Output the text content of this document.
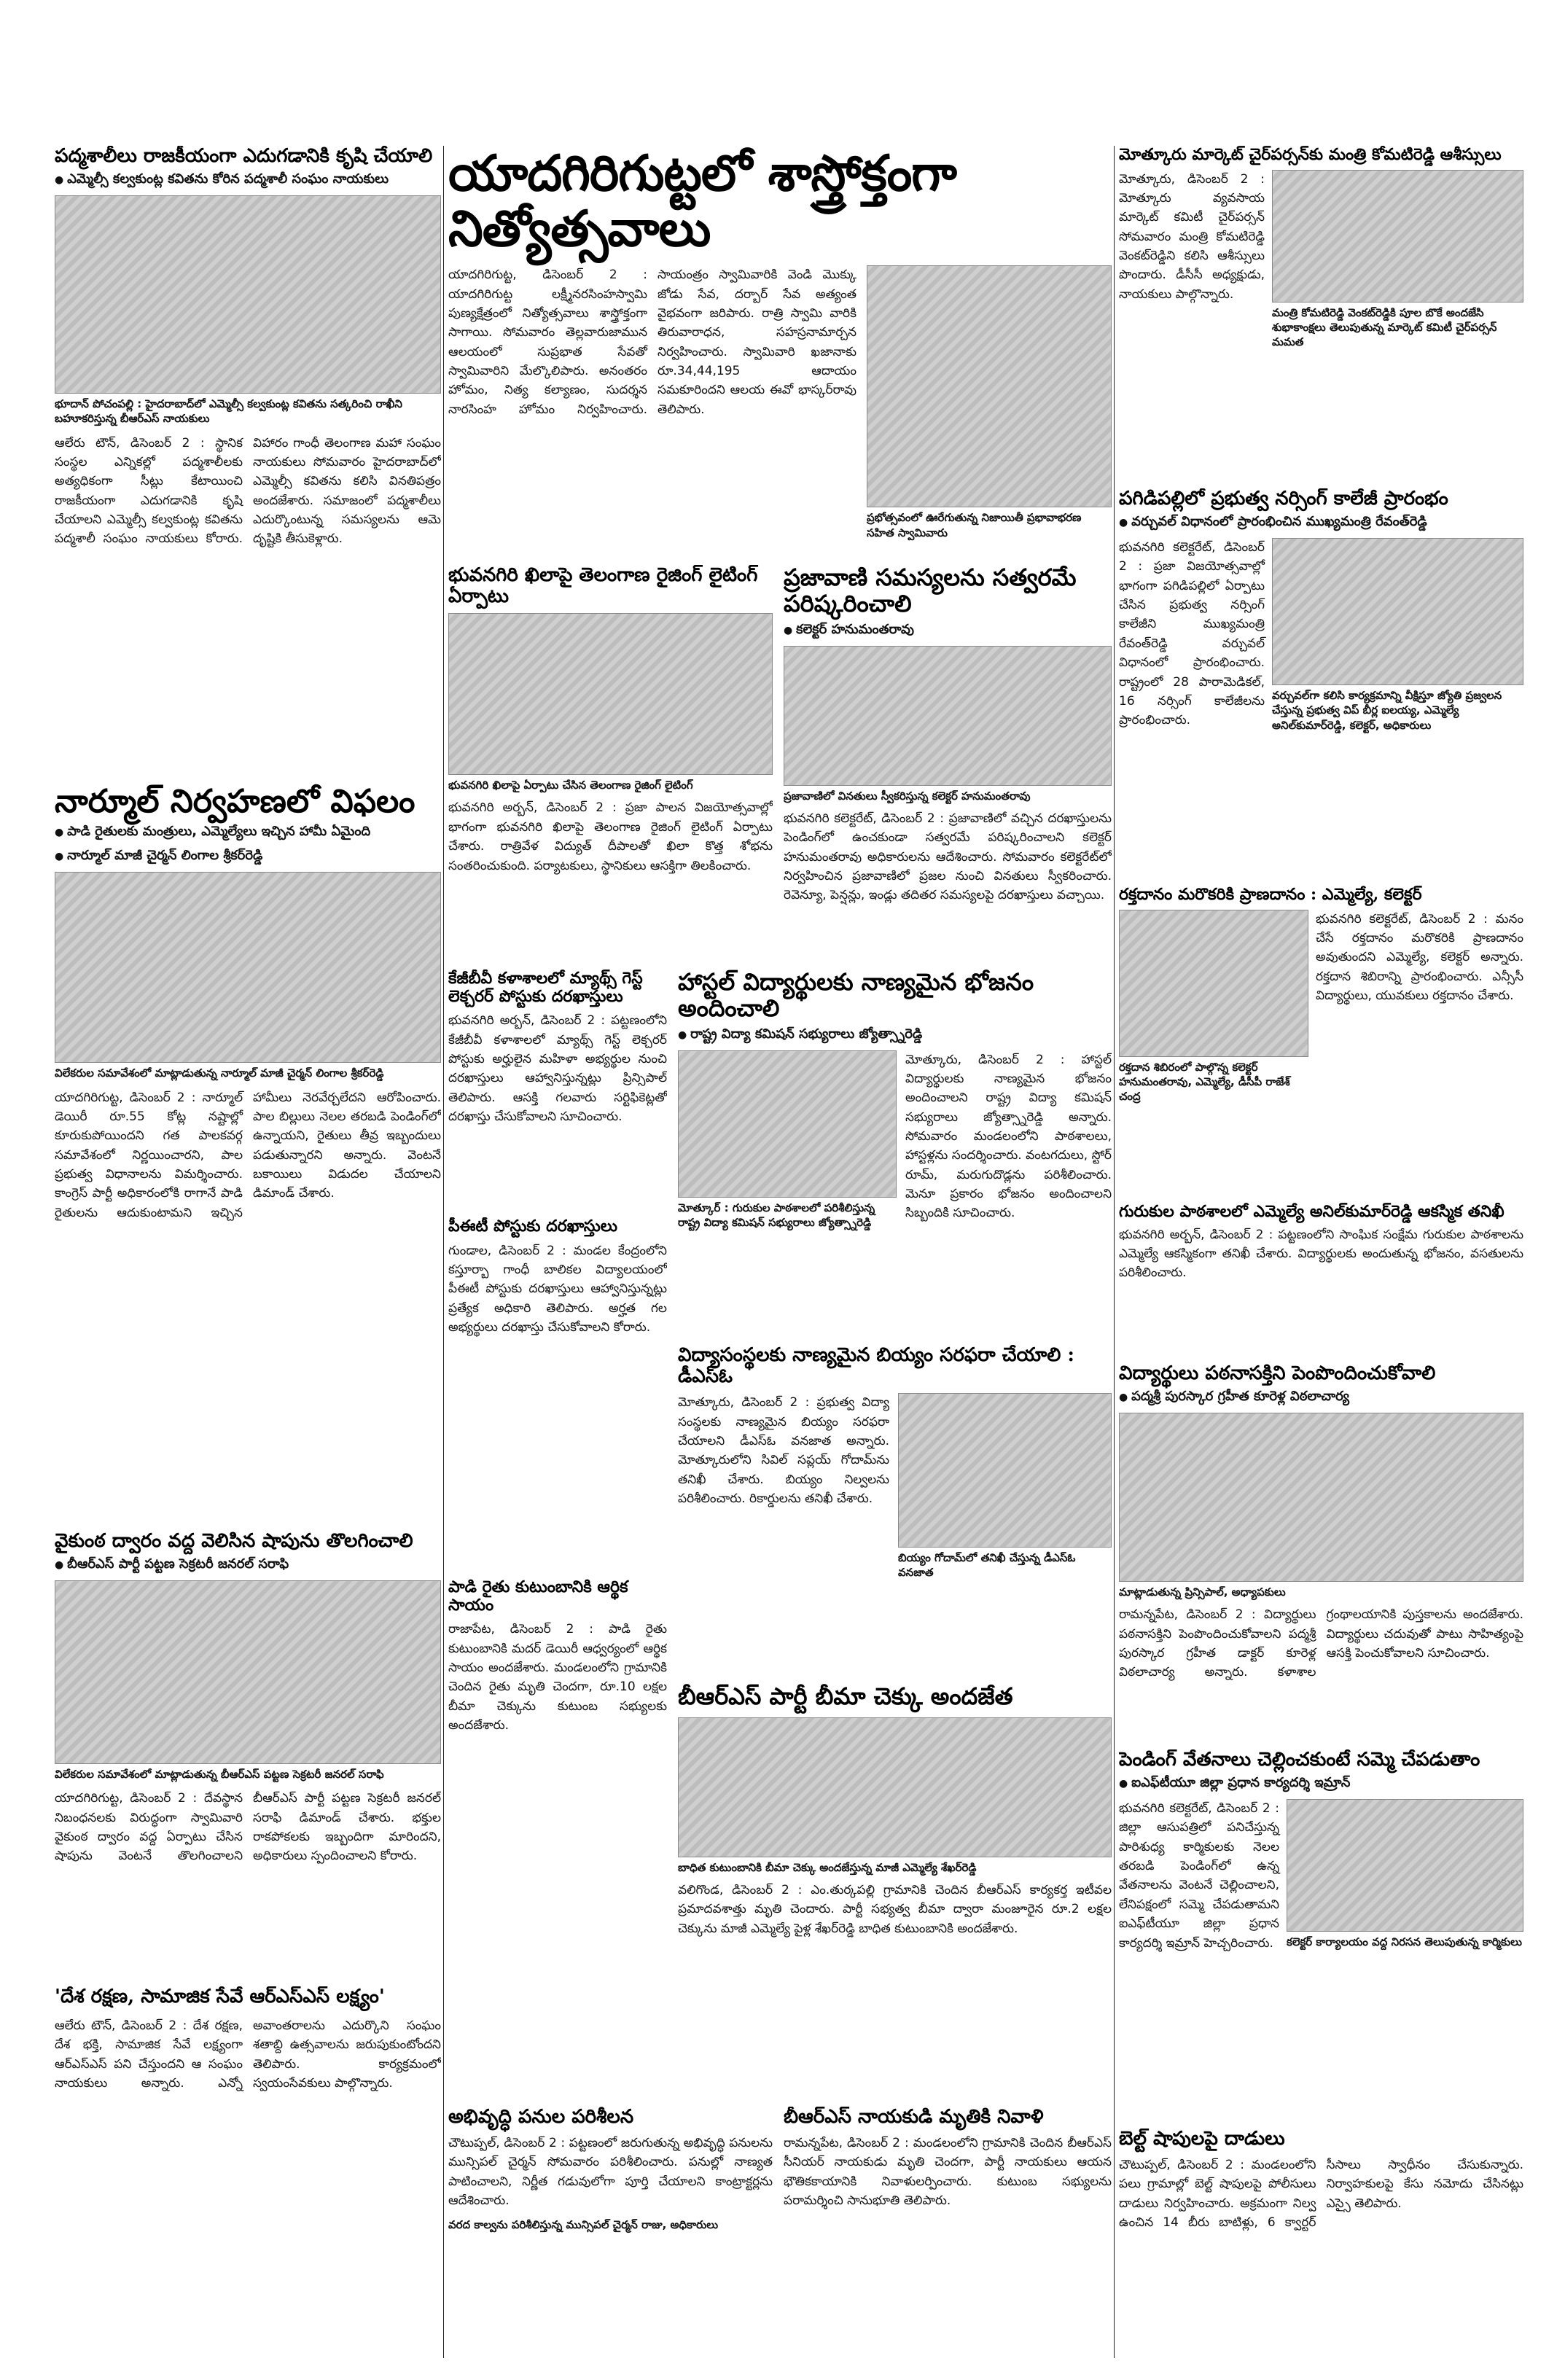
పద్మశాలీలు రాజకీయంగా ఎదుగడానికి కృషి చేయాలి
● ఎమ్మెల్సీ కల్వకుంట్ల కవితను కోరిన పద్మశాలీ సంఘం నాయకులు
భూదాన్ పోచంపల్లి : హైదరాబాద్‌లో ఎమ్మెల్సీ కల్వకుంట్ల కవితను సత్కరించి రాఖీని బహూకరిస్తున్న బీఆర్ఎస్ నాయకులు

ఆలేరు టౌన్, డిసెంబర్ 2 : స్థానిక సంస్థల ఎన్నికల్లో పద్మశాలీలకు అత్యధికంగా సీట్లు కేటాయించి రాజకీయంగా ఎదుగడానికి కృషి చేయాలని ఎమ్మెల్సీ కల్వకుంట్ల కవితను పద్మశాలీ సంఘం నాయకులు కోరారు. విహారం గాంధీ తెలంగాణ మహా సంఘం నాయకులు సోమవారం హైదరాబాద్‌లో ఎమ్మెల్సీ కవితను కలిసి వినతిపత్రం అందజేశారు. సమాజంలో పద్మశాలీలు ఎదుర్కొంటున్న సమస్యలను ఆమె దృష్టికి తీసుకెళ్లారు.

నార్మూల్ నిర్వహణలో విఫలం
● పాడి రైతులకు మంత్రులు, ఎమ్మెల్యేలు ఇచ్చిన హామీ ఏమైంది
● నార్మూల్ మాజీ చైర్మన్ లింగాల శ్రీకర్‌రెడ్డి
విలేకరుల సమావేశంలో మాట్లాడుతున్న నార్మూల్ మాజీ చైర్మన్ లింగాల శ్రీకర్‌రెడ్డి

యాదగిరిగుట్ట, డిసెంబర్ 2 : నార్మూల్ డెయిరీ రూ.55 కోట్ల నష్టాల్లో కూరుకుపోయిందని గత పాలకవర్గ సమావేశంలో నిర్ణయించారని, పాల ప్రభుత్వ విధానాలను విమర్శించారు. కాంగ్రెస్ పార్టీ అధికారంలోకి రాగానే పాడి రైతులను ఆదుకుంటామని ఇచ్చిన హామీలు నెరవేర్చలేదని ఆరోపించారు. పాల బిల్లులు నెలల తరబడి పెండింగ్‌లో ఉన్నాయని, రైతులు తీవ్ర ఇబ్బందులు పడుతున్నారని అన్నారు. వెంటనే బకాయిలు విడుదల చేయాలని డిమాండ్ చేశారు.

వైకుంఠ ద్వారం వద్ద వెలిసిన షాపును తొలగించాలి
● బీఆర్ఎస్ పార్టీ పట్టణ సెక్రటరీ జనరల్ సరాఫి
విలేకరుల సమావేశంలో మాట్లాడుతున్న బీఆర్ఎస్ పట్టణ సెక్రటరీ జనరల్ సరాఫి

యాదగిరిగుట్ట, డిసెంబర్ 2 : దేవస్థాన నిబంధనలకు విరుద్ధంగా స్వామివారి వైకుంఠ ద్వారం వద్ద ఏర్పాటు చేసిన షాపును వెంటనే తొలగించాలని బీఆర్ఎస్ పార్టీ పట్టణ సెక్రటరీ జనరల్ సరాఫి డిమాండ్ చేశారు. భక్తుల రాకపోకలకు ఇబ్బందిగా మారిందని, అధికారులు స్పందించాలని కోరారు.

'దేశ రక్షణ, సామాజిక సేవే ఆర్ఎస్ఎస్ లక్ష్యం'

ఆలేరు టౌన్, డిసెంబర్ 2 : దేశ రక్షణ, దేశ భక్తి, సామాజిక సేవే లక్ష్యంగా ఆర్ఎస్ఎస్ పని చేస్తుందని ఆ సంఘం నాయకులు అన్నారు. ఎన్నో అవాంతరాలను ఎదుర్కొని సంఘం శతాబ్ది ఉత్సవాలను జరుపుకుంటోందని తెలిపారు. కార్యక్రమంలో స్వయంసేవకులు పాల్గొన్నారు.

యాదగిరిగుట్టలో శాస్త్రోక్తంగా నిత్యోత్సవాలు

యాదగిరిగుట్ట, డిసెంబర్ 2 : యాదగిరిగుట్ట లక్ష్మీనరసింహస్వామి పుణ్యక్షేత్రంలో నిత్యోత్సవాలు శాస్త్రోక్తంగా సాగాయి. సోమవారం తెల్లవారుజామున ఆలయంలో సుప్రభాత సేవతో స్వామివారిని మేల్కొలిపారు. అనంతరం హోమం, నిత్య కల్యాణం, సుదర్శన నారసింహ హోమం నిర్వహించారు. సాయంత్రం స్వామివారికి వెండి మొక్కు జోడు సేవ, దర్బార్ సేవ అత్యంత వైభవంగా జరిపారు. రాత్రి స్వామి వారికి తిరువారాధన, సహస్రనామార్చన నిర్వహించారు. స్వామివారి ఖజానాకు రూ.34,44,195 ఆదాయం సమకూరిందని ఆలయ ఈవో భాస్కర్‌రావు తెలిపారు.

ప్రభోత్సవంలో ఊరేగుతున్న నిజాయితీ ప్రభావాభరణ సహిత స్వామివారు
భువనగిరి ఖిలాపై తెలంగాణ రైజింగ్ లైటింగ్ ఏర్పాటు
భువనగిరి ఖిలాపై ఏర్పాటు చేసిన తెలంగాణ రైజింగ్ లైటింగ్

భువనగిరి అర్బన్, డిసెంబర్ 2 : ప్రజా పాలన విజయోత్సవాల్లో భాగంగా భువనగిరి ఖిలాపై తెలంగాణ రైజింగ్ లైటింగ్ ఏర్పాటు చేశారు. రాత్రివేళ విద్యుత్ దీపాలతో ఖిలా కొత్త శోభను సంతరించుకుంది. పర్యాటకులు, స్థానికులు ఆసక్తిగా తిలకించారు.

ప్రజావాణి సమస్యలను సత్వరమే పరిష్కరించాలి
● కలెక్టర్ హనుమంతరావు
ప్రజావాణిలో వినతులు స్వీకరిస్తున్న కలెక్టర్ హనుమంతరావు

భువనగిరి కలెక్టరేట్, డిసెంబర్ 2 : ప్రజావాణిలో వచ్చిన దరఖాస్తులను పెండింగ్‌లో ఉంచకుండా సత్వరమే పరిష్కరించాలని కలెక్టర్ హనుమంతరావు అధికారులను ఆదేశించారు. సోమవారం కలెక్టరేట్‌లో నిర్వహించిన ప్రజావాణిలో ప్రజల నుంచి వినతులు స్వీకరించారు. రెవెన్యూ, పెన్షన్లు, ఇండ్లు తదితర సమస్యలపై దరఖాస్తులు వచ్చాయి.

కేజీబీవీ కళాశాలలో మ్యాథ్స్ గెస్ట్ లెక్చరర్ పోస్టుకు దరఖాస్తులు

భువనగిరి అర్బన్, డిసెంబర్ 2 : పట్టణంలోని కేజీబీవీ కళాశాలలో మ్యాథ్స్ గెస్ట్ లెక్చరర్ పోస్టుకు అర్హులైన మహిళా అభ్యర్థుల నుంచి దరఖాస్తులు ఆహ్వానిస్తున్నట్లు ప్రిన్సిపాల్ తెలిపారు. ఆసక్తి గలవారు సర్టిఫికెట్లతో దరఖాస్తు చేసుకోవాలని సూచించారు.

పీఈటీ పోస్టుకు దరఖాస్తులు

గుండాల, డిసెంబర్ 2 : మండల కేంద్రంలోని కస్తూర్బా గాంధీ బాలికల విద్యాలయంలో పీఈటీ పోస్టుకు దరఖాస్తులు ఆహ్వానిస్తున్నట్లు ప్రత్యేక అధికారి తెలిపారు. అర్హత గల అభ్యర్థులు దరఖాస్తు చేసుకోవాలని కోరారు.

హాస్టల్ విద్యార్థులకు నాణ్యమైన భోజనం అందించాలి
● రాష్ట్ర విద్యా కమిషన్ సభ్యురాలు జ్యోత్స్నారెడ్డి
మోత్కూర్ : గురుకుల పాఠశాలలో పరిశీలిస్తున్న రాష్ట్ర విద్యా కమిషన్ సభ్యురాలు జ్యోత్స్నారెడ్డి

మోత్కూరు, డిసెంబర్ 2 : హాస్టల్ విద్యార్థులకు నాణ్యమైన భోజనం అందించాలని రాష్ట్ర విద్యా కమిషన్ సభ్యురాలు జ్యోత్స్నారెడ్డి అన్నారు. సోమవారం మండలంలోని పాఠశాలలు, హాస్టళ్లను సందర్శించారు. వంటగదులు, స్టోర్ రూమ్, మరుగుదొడ్లను పరిశీలించారు. మెనూ ప్రకారం భోజనం అందించాలని సిబ్బందికి సూచించారు.

విద్యాసంస్థలకు నాణ్యమైన బియ్యం సరఫరా చేయాలి : డీఎస్ఓ

మోత్కూరు, డిసెంబర్ 2 : ప్రభుత్వ విద్యా సంస్థలకు నాణ్యమైన బియ్యం సరఫరా చేయాలని డీఎస్ఓ వనజాత అన్నారు. మోత్కూరులోని సివిల్ సప్లయ్ గోదామ్‌ను తనిఖీ చేశారు. బియ్యం నిల్వలను పరిశీలించారు. రికార్డులను తనిఖీ చేశారు.

బియ్యం గోదామ్‌లో తనిఖీ చేస్తున్న డీఎస్ఓ వనజాత
పాడి రైతు కుటుంబానికి ఆర్థిక సాయం

రాజాపేట, డిసెంబర్ 2 : పాడి రైతు కుటుంబానికి మదర్ డెయిరీ ఆధ్వర్యంలో ఆర్థిక సాయం అందజేశారు. మండలంలోని గ్రామానికి చెందిన రైతు మృతి చెందగా, రూ.10 లక్షల బీమా చెక్కును కుటుంబ సభ్యులకు అందజేశారు.

బీఆర్ఎస్ పార్టీ బీమా చెక్కు అందజేత
బాధిత కుటుంబానికి బీమా చెక్కు అందజేస్తున్న మాజీ ఎమ్మెల్యే శేఖర్‌రెడ్డి

వలిగొండ, డిసెంబర్ 2 : ఎం.తుర్కపల్లి గ్రామానికి చెందిన బీఆర్ఎస్ కార్యకర్త ఇటీవల ప్రమాదవశాత్తు మృతి చెందారు. పార్టీ సభ్యత్వ బీమా ద్వారా మంజూరైన రూ.2 లక్షల చెక్కును మాజీ ఎమ్మెల్యే పైళ్ల శేఖర్‌రెడ్డి బాధిత కుటుంబానికి అందజేశారు.

అభివృద్ధి పనుల పరిశీలన

చౌటుప్పల్, డిసెంబర్ 2 : పట్టణంలో జరుగుతున్న అభివృద్ధి పనులను మున్సిపల్ చైర్మన్ సోమవారం పరిశీలించారు. పనుల్లో నాణ్యత పాటించాలని, నిర్ణీత గడువులోగా పూర్తి చేయాలని కాంట్రాక్టర్లను ఆదేశించారు.

వరద కాల్వను పరిశీలిస్తున్న మున్సిపల్ చైర్మన్ రాజు, అధికారులు
బీఆర్ఎస్ నాయకుడి మృతికి నివాళి

రామన్నపేట, డిసెంబర్ 2 : మండలంలోని గ్రామానికి చెందిన బీఆర్ఎస్ సీనియర్ నాయకుడు మృతి చెందగా, పార్టీ నాయకులు ఆయన భౌతికకాయానికి నివాళులర్పించారు. కుటుంబ సభ్యులను పరామర్శించి సానుభూతి తెలిపారు.

మోత్కూరు మార్కెట్ చైర్‌పర్సన్‌కు మంత్రి కోమటిరెడ్డి ఆశీస్సులు

మోత్కూరు, డిసెంబర్ 2 : మోత్కూరు వ్యవసాయ మార్కెట్ కమిటీ చైర్‌పర్సన్ సోమవారం మంత్రి కోమటిరెడ్డి వెంకట్‌రెడ్డిని కలిసి ఆశీస్సులు పొందారు. డీసీసీ అధ్యక్షుడు, నాయకులు పాల్గొన్నారు.

మంత్రి కోమటిరెడ్డి వెంకట్‌రెడ్డికి పూల బొకే అందజేసి శుభాకాంక్షలు తెలుపుతున్న మార్కెట్ కమిటీ చైర్‌పర్సన్ మమత
పగిడిపల్లిలో ప్రభుత్వ నర్సింగ్ కాలేజీ ప్రారంభం
● వర్చువల్ విధానంలో ప్రారంభించిన ముఖ్యమంత్రి రేవంత్‌రెడ్డి

భువనగిరి కలెక్టరేట్, డిసెంబర్ 2 : ప్రజా విజయోత్సవాల్లో భాగంగా పగిడిపల్లిలో ఏర్పాటు చేసిన ప్రభుత్వ నర్సింగ్ కాలేజీని ముఖ్యమంత్రి రేవంత్‌రెడ్డి వర్చువల్ విధానంలో ప్రారంభించారు. రాష్ట్రంలో 28 పారామెడికల్, 16 నర్సింగ్ కాలేజీలను ప్రారంభించారు.

వర్చువల్‌గా కలిసి కార్యక్రమాన్ని వీక్షిస్తూ జ్యోతి ప్రజ్వలన చేస్తున్న ప్రభుత్వ విప్ బీర్ల ఐలయ్య, ఎమ్మెల్యే అనిల్‌కుమార్‌రెడ్డి, కలెక్టర్, అధికారులు
రక్తదానం మరొకరికి ప్రాణదానం : ఎమ్మెల్యే, కలెక్టర్
రక్తదాన శిబిరంలో పాల్గొన్న కలెక్టర్ హనుమంతరావు, ఎమ్మెల్యే, డీసీపీ రాజేశ్ చంద్ర

భువనగిరి కలెక్టరేట్, డిసెంబర్ 2 : మనం చేసే రక్తదానం మరొకరికి ప్రాణదానం అవుతుందని ఎమ్మెల్యే, కలెక్టర్ అన్నారు. రక్తదాన శిబిరాన్ని ప్రారంభించారు. ఎన్సీసీ విద్యార్థులు, యువకులు రక్తదానం చేశారు.

గురుకుల పాఠశాలలో ఎమ్మెల్యే అనిల్‌కుమార్‌రెడ్డి ఆకస్మిక తనిఖీ

భువనగిరి అర్బన్, డిసెంబర్ 2 : పట్టణంలోని సాంఘిక సంక్షేమ గురుకుల పాఠశాలను ఎమ్మెల్యే ఆకస్మికంగా తనిఖీ చేశారు. విద్యార్థులకు అందుతున్న భోజనం, వసతులను పరిశీలించారు.

విద్యార్థులు పఠనాసక్తిని పెంపొందించుకోవాలి
● పద్మశ్రీ పురస్కార గ్రహీత కూరెళ్ల విఠలాచార్య
మాట్లాడుతున్న ప్రిన్సిపాల్, అధ్యాపకులు

రామన్నపేట, డిసెంబర్ 2 : విద్యార్థులు పఠనాసక్తిని పెంపొందించుకోవాలని పద్మశ్రీ పురస్కార గ్రహీత డాక్టర్ కూరెళ్ల విఠలాచార్య అన్నారు. కళాశాల గ్రంథాలయానికి పుస్తకాలను అందజేశారు. విద్యార్థులు చదువుతో పాటు సాహిత్యంపై ఆసక్తి పెంచుకోవాలని సూచించారు.

పెండింగ్ వేతనాలు చెల్లించకుంటే సమ్మె చేపడుతాం
● ఐఎఫ్‌టీయూ జిల్లా ప్రధాన కార్యదర్శి ఇమ్రాన్

భువనగిరి కలెక్టరేట్, డిసెంబర్ 2 : జిల్లా ఆసుపత్రిలో పనిచేస్తున్న పారిశుధ్య కార్మికులకు నెలల తరబడి పెండింగ్‌లో ఉన్న వేతనాలను వెంటనే చెల్లించాలని, లేనిపక్షంలో సమ్మె చేపడుతామని ఐఎఫ్‌టీయూ జిల్లా ప్రధాన కార్యదర్శి ఇమ్రాన్ హెచ్చరించారు.	కలెక్టర్ కార్యాలయం వద్ద నిరసన తెలుపుతున్న కార్మికులు
బెల్ట్ షాపులపై దాడులు

చౌటుప్పల్, డిసెంబర్ 2 : మండలంలోని పలు గ్రామాల్లో బెల్ట్ షాపులపై పోలీసులు దాడులు నిర్వహించారు. అక్రమంగా నిల్వ ఉంచిన 14 బీరు బాటిళ్లు, 6 క్వార్టర్ సీసాలు స్వాధీనం చేసుకున్నారు. నిర్వాహకులపై కేసు నమోదు చేసినట్లు ఎస్సై తెలిపారు.
